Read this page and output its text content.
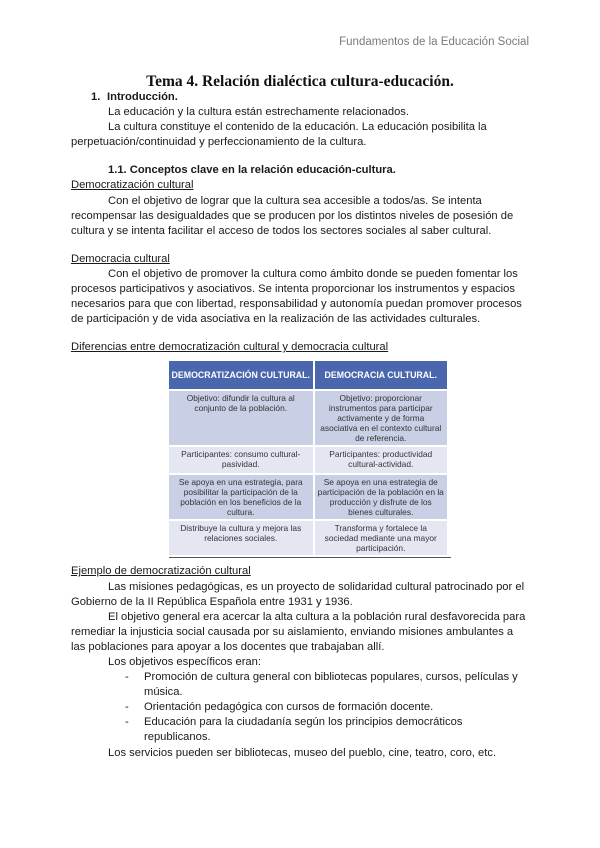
Fundamentos de la Educación Social
Tema 4. Relación dialéctica cultura-educación.

1. Introducción.

La educación y la cultura están estrechamente relacionados.

La cultura constituye el contenido de la educación. La educación posibilita la perpetuación/continuidad y perfeccionamiento de la cultura.

1.1. Conceptos clave en la relación educación-cultura.

Democratización cultural

Con el objetivo de lograr que la cultura sea accesible a todos/as. Se intenta recompensar las desigualdades que se producen por los distintos niveles de posesión de cultura y se intenta facilitar el acceso de todos los sectores sociales al saber cultural.

Democracia cultural

Con el objetivo de promover la cultura como ámbito donde se pueden fomentar los procesos participativos y asociativos. Se intenta proporcionar los instrumentos y espacios necesarios para que con libertad, responsabilidad y autonomía puedan promover procesos de participación y de vida asociativa en la realización de las actividades culturales.

Diferencias entre democratización cultural y democracia cultural

DEMOCRATIZACIÓN CULTURAL.	DEMOCRACIA CULTURAL.
Objetivo: difundir la cultura al conjunto de la población.	Objetivo: proporcionar instrumentos para participar activamente y de forma asociativa en el contexto cultural de referencia.
Participantes: consumo cultural-pasividad.	Participantes: productividad cultural-actividad.
Se apoya en una estrategia, para posibilitar la participación de la población en los beneficios de la cultura.	Se apoya en una estrategia de participación de la población en la producción y disfrute de los bienes culturales.
Distribuye la cultura y mejora las relaciones sociales.	Transforma y fortalece la sociedad mediante una mayor participación.

Ejemplo de democratización cultural

Las misiones pedagógicas, es un proyecto de solidaridad cultural patrocinado por el Gobierno de la II República Española entre 1931 y 1936.

El objetivo general era acercar la alta cultura a la población rural desfavorecida para remediar la injusticia social causada por su aislamiento, enviando misiones ambulantes a las poblaciones para apoyar a los docentes que trabajaban allí.

Los objetivos específicos eran:

- Promoción de cultura general con bibliotecas populares, cursos, películas y música.
- Orientación pedagógica con cursos de formación docente.
- Educación para la ciudadanía según los principios democráticos republicanos.

Los servicios pueden ser bibliotecas, museo del pueblo, cine, teatro, coro, etc.
